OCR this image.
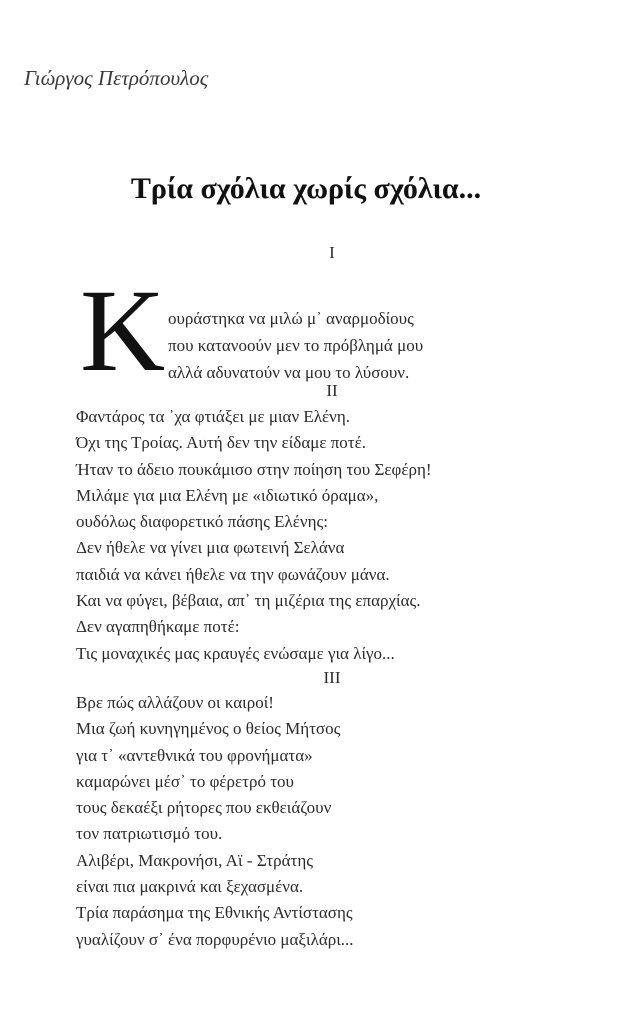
Γιώργος Πετρόπουλος
Τρία σχόλια χωρίς σχόλια...
I
Κ ουράστηκα να μιλώ μ᾽ αναρμοδίους
που κατανοούν μεν το πρόβλημά μου
αλλά αδυνατούν να μου το λύσουν.
II
Φαντάρος τα ᾽χα φτιάξει με μιαν Ελένη.
Όχι της Τροίας. Αυτή δεν την είδαμε ποτέ.
Ήταν το άδειο πουκάμισο στην ποίηση του Σεφέρη!
Μιλάμε για μια Ελένη με «ιδιωτικό όραμα»,
ουδόλως διαφορετικό πάσης Ελένης:
Δεν ήθελε να γίνει μια φωτεινή Σελάνα
παιδιά να κάνει ήθελε να την φωνάζουν μάνα.
Και να φύγει, βέβαια, απ᾽ τη μιζέρια της επαρχίας.
Δεν αγαπηθήκαμε ποτέ:
Τις μοναχικές μας κραυγές ενώσαμε για λίγο...
III
Βρε πώς αλλάζουν οι καιροί!
Μια ζωή κυνηγημένος ο θείος Μήτσος
για τ᾽ «αντεθνικά του φρονήματα»
καμαρώνει μέσ᾽ το φέρετρό του
τους δεκαέξι ρήτορες που εκθειάζουν
τον πατριωτισμό του.
Αλιβέρι, Μακρονήσι, Αϊ - Στράτης
είναι πια μακρινά και ξεχασμένα.
Τρία παράσημα της Εθνικής Αντίστασης
γυαλίζουν σ᾽ ένα πορφυρένιο μαξιλάρι...
